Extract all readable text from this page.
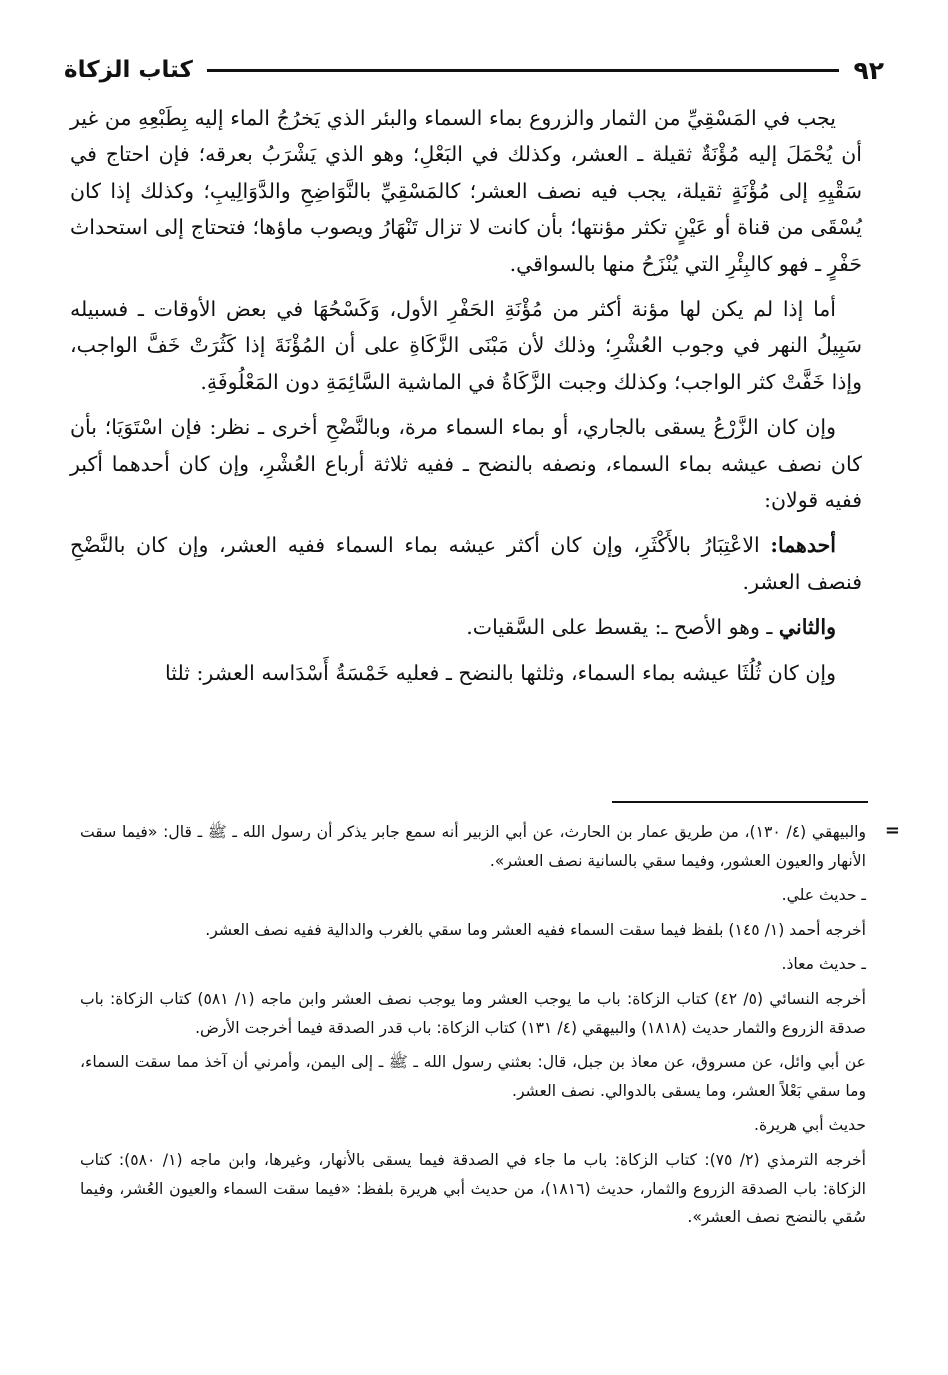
٩٢
كتاب الزكاة

يجب في المَسْقِيِّ من الثمار والزروع بماء السماء والبئر الذي يَخرُجُ الماء إليه بِطَبْعِهِ من غير أن يُحْمَلَ إليه مُؤْنَةٌ ثقيلة ـ العشر، وكذلك في البَعْلِ؛ وهو الذي يَشْرَبُ بعرقه؛ فإن احتاج في سَقْيِهِ إلى مُؤْنَةٍ ثقيلة، يجب فيه نصف العشر؛ كالمَسْقِيِّ بالنَّوَاضِحِ والدَّوَالِيبِ؛ وكذلك إذا كان يُسْقَى من قناة أو عَيْنٍ تكثر مؤنتها؛ بأن كانت لا تزال تَنْهَارُ ويصوب ماؤها؛ فتحتاج إلى استحداث حَفْرٍ ـ فهو كالبِئْرِ التي يُنْزَحُ منها بالسواقي.

أما إذا لم يكن لها مؤنة أكثر من مُؤْنَةِ الحَفْرِ الأول، وَكَسْحُهَا في بعض الأوقات ـ فسبيله سَبِيلُ النهر في وجوب العُشْرِ؛ وذلك لأن مَبْنَى الزَّكَاةِ على أن المُؤْنَةَ إذا كَثُرَتْ خَفَّ الواجب، وإذا خَفَّتْ كثر الواجب؛ وكذلك وجبت الزَّكَاةُ في الماشية السَّائِمَةِ دون المَعْلُوفَةِ.

وإن كان الزَّرْعُ يسقى بالجاري، أو بماء السماء مرة، وبالنَّضْحِ أخرى ـ نظر: فإن اسْتَوَيَا؛ بأن كان نصف عيشه بماء السماء، ونصفه بالنضح ـ ففيه ثلاثة أرباع العُشْرِ، وإن كان أحدهما أكبر ففيه قولان:

أحدهما: الاعْتِبَارُ بالأَكْثَرِ، وإن كان أكثر عيشه بماء السماء ففيه العشر، وإن كان بالنَّضْحِ فنصف العشر.

والثاني ـ وهو الأصح ـ: يقسط على السَّقيات.

وإن كان ثُلُثَا عيشه بماء السماء، وثلثها بالنضح ـ فعليه خَمْسَةُ أَسْدَاسه العشر: ثلثا

=

والبيهقي (٤/ ١٣٠)، من طريق عمار بن الحارث، عن أبي الزبير أنه سمع جابر يذكر أن رسول الله ـ ﷺ ـ قال: «فيما سقت الأنهار والعيون العشور، وفيما سقي بالسانية نصف العشر».

ـ حديث علي.

أخرجه أحمد (١/ ١٤٥) بلفظ فيما سقت السماء ففيه العشر وما سقي بالغرب والدالية ففيه نصف العشر.

ـ حديث معاذ.

أخرجه النسائي (٥/ ٤٢) كتاب الزكاة: باب ما يوجب العشر وما يوجب نصف العشر وابن ماجه (١/ ٥٨١) كتاب الزكاة: باب صدقة الزروع والثمار حديث (١٨١٨) والبيهقي (٤/ ١٣١) كتاب الزكاة: باب قدر الصدقة فيما أخرجت الأرض.

عن أبي وائل، عن مسروق، عن معاذ بن جبل، قال: بعثني رسول الله ـ ﷺ ـ إلى اليمن، وأمرني أن آخذ مما سقت السماء، وما سقي بَعْلاً العشر، وما يسقى بالدوالي. نصف العشر.

حديث أبي هريرة.

أخرجه الترمذي (٢/ ٧٥): كتاب الزكاة: باب ما جاء في الصدقة فيما يسقى بالأنهار، وغيرها، وابن ماجه (١/ ٥٨٠): كتاب الزكاة: باب الصدقة الزروع والثمار، حديث (١٨١٦)، من حديث أبي هريرة بلفظ: «فيما سقت السماء والعيون العُشر، وفيما سُقي بالنضح نصف العشر».
